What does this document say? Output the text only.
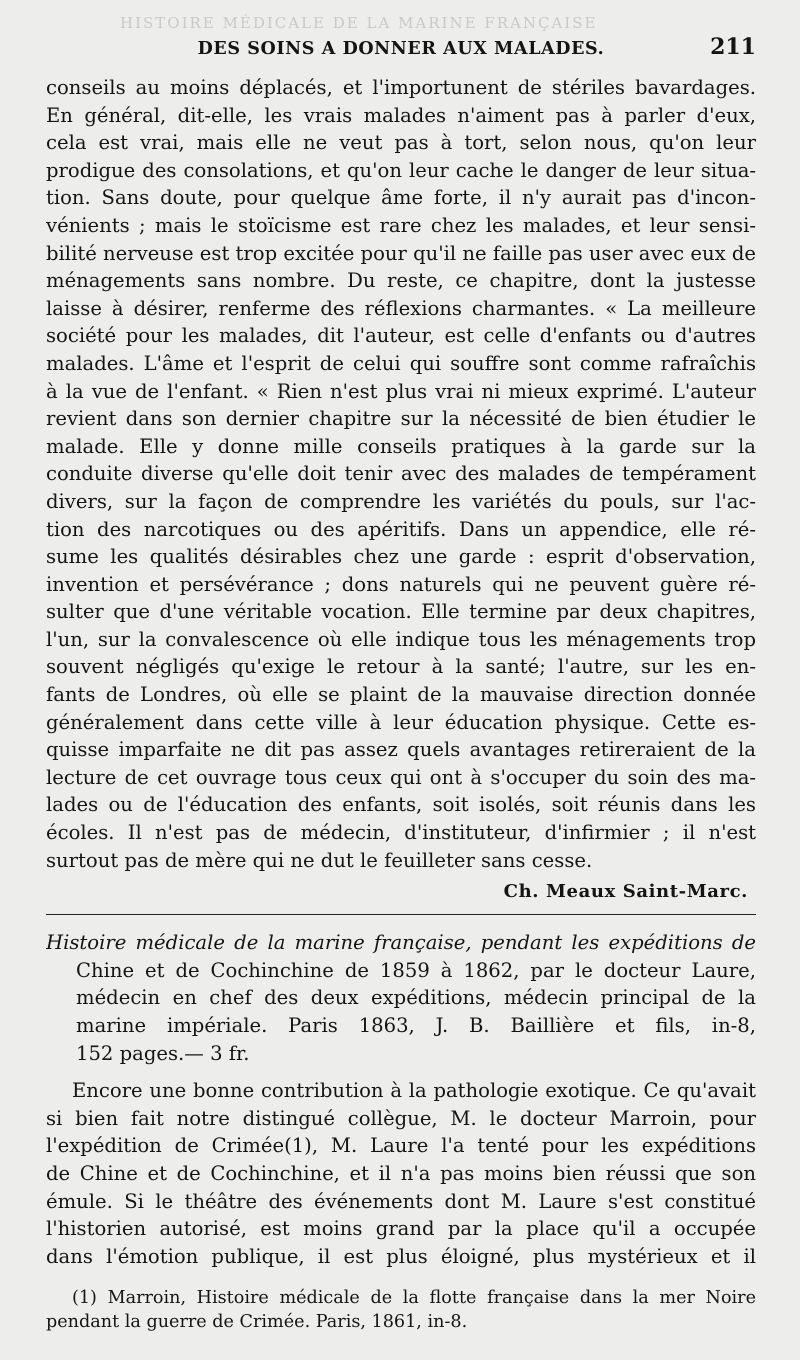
HISTOIRE MÉDICALE DE LA MARINE FRANÇAISE
DES SOINS A DONNER AUX MALADES.	211
conseils au moins déplacés, et l'importunent de stériles bavardages.
En général, dit-elle, les vrais malades n'aiment pas à parler d'eux,
cela est vrai, mais elle ne veut pas à tort, selon nous, qu'on leur
prodigue des consolations, et qu'on leur cache le danger de leur situa-
tion. Sans doute, pour quelque âme forte, il n'y aurait pas d'incon-
vénients ; mais le stoïcisme est rare chez les malades, et leur sensi-
bilité nerveuse est trop excitée pour qu'il ne faille pas user avec eux de
ménagements sans nombre. Du reste, ce chapitre, dont la justesse
laisse à désirer, renferme des réflexions charmantes. « La meilleure
société pour les malades, dit l'auteur, est celle d'enfants ou d'autres
malades. L'âme et l'esprit de celui qui souffre sont comme rafraîchis
à la vue de l'enfant. « Rien n'est plus vrai ni mieux exprimé. L'auteur
revient dans son dernier chapitre sur la nécessité de bien étudier le
malade. Elle y donne mille conseils pratiques à la garde sur la
conduite diverse qu'elle doit tenir avec des malades de tempérament
divers, sur la façon de comprendre les variétés du pouls, sur l'ac-
tion des narcotiques ou des apéritifs. Dans un appendice, elle ré-
sume les qualités désirables chez une garde : esprit d'observation,
invention et persévérance ; dons naturels qui ne peuvent guère ré-
sulter que d'une véritable vocation. Elle termine par deux chapitres,
l'un, sur la convalescence où elle indique tous les ménagements trop
souvent négligés qu'exige le retour à la santé; l'autre, sur les en-
fants de Londres, où elle se plaint de la mauvaise direction donnée
généralement dans cette ville à leur éducation physique. Cette es-
quisse imparfaite ne dit pas assez quels avantages retireraient de la
lecture de cet ouvrage tous ceux qui ont à s'occuper du soin des ma-
lades ou de l'éducation des enfants, soit isolés, soit réunis dans les
écoles. Il n'est pas de médecin, d'instituteur, d'infirmier ; il n'est
surtout pas de mère qui ne dut le feuilleter sans cesse.
Ch. Meaux Saint-Marc.
Histoire médicale de la marine française, pendant les expéditions de
Chine et de Cochinchine de 1859 à 1862, par le docteur Laure,
médecin en chef des deux expéditions, médecin principal de la
marine impériale. Paris 1863, J. B. Baillière et fils, in-8,
152 pages.— 3 fr.
Encore une bonne contribution à la pathologie exotique. Ce qu'avait
si bien fait notre distingué collègue, M. le docteur Marroin, pour
l'expédition de Crimée(1), M. Laure l'a tenté pour les expéditions
de Chine et de Cochinchine, et il n'a pas moins bien réussi que son
émule. Si le théâtre des événements dont M. Laure s'est constitué
l'historien autorisé, est moins grand par la place qu'il a occupée
dans l'émotion publique, il est plus éloigné, plus mystérieux et il
(1) Marroin, Histoire médicale de la flotte française dans la mer Noire
pendant la guerre de Crimée. Paris, 1861, in-8.
